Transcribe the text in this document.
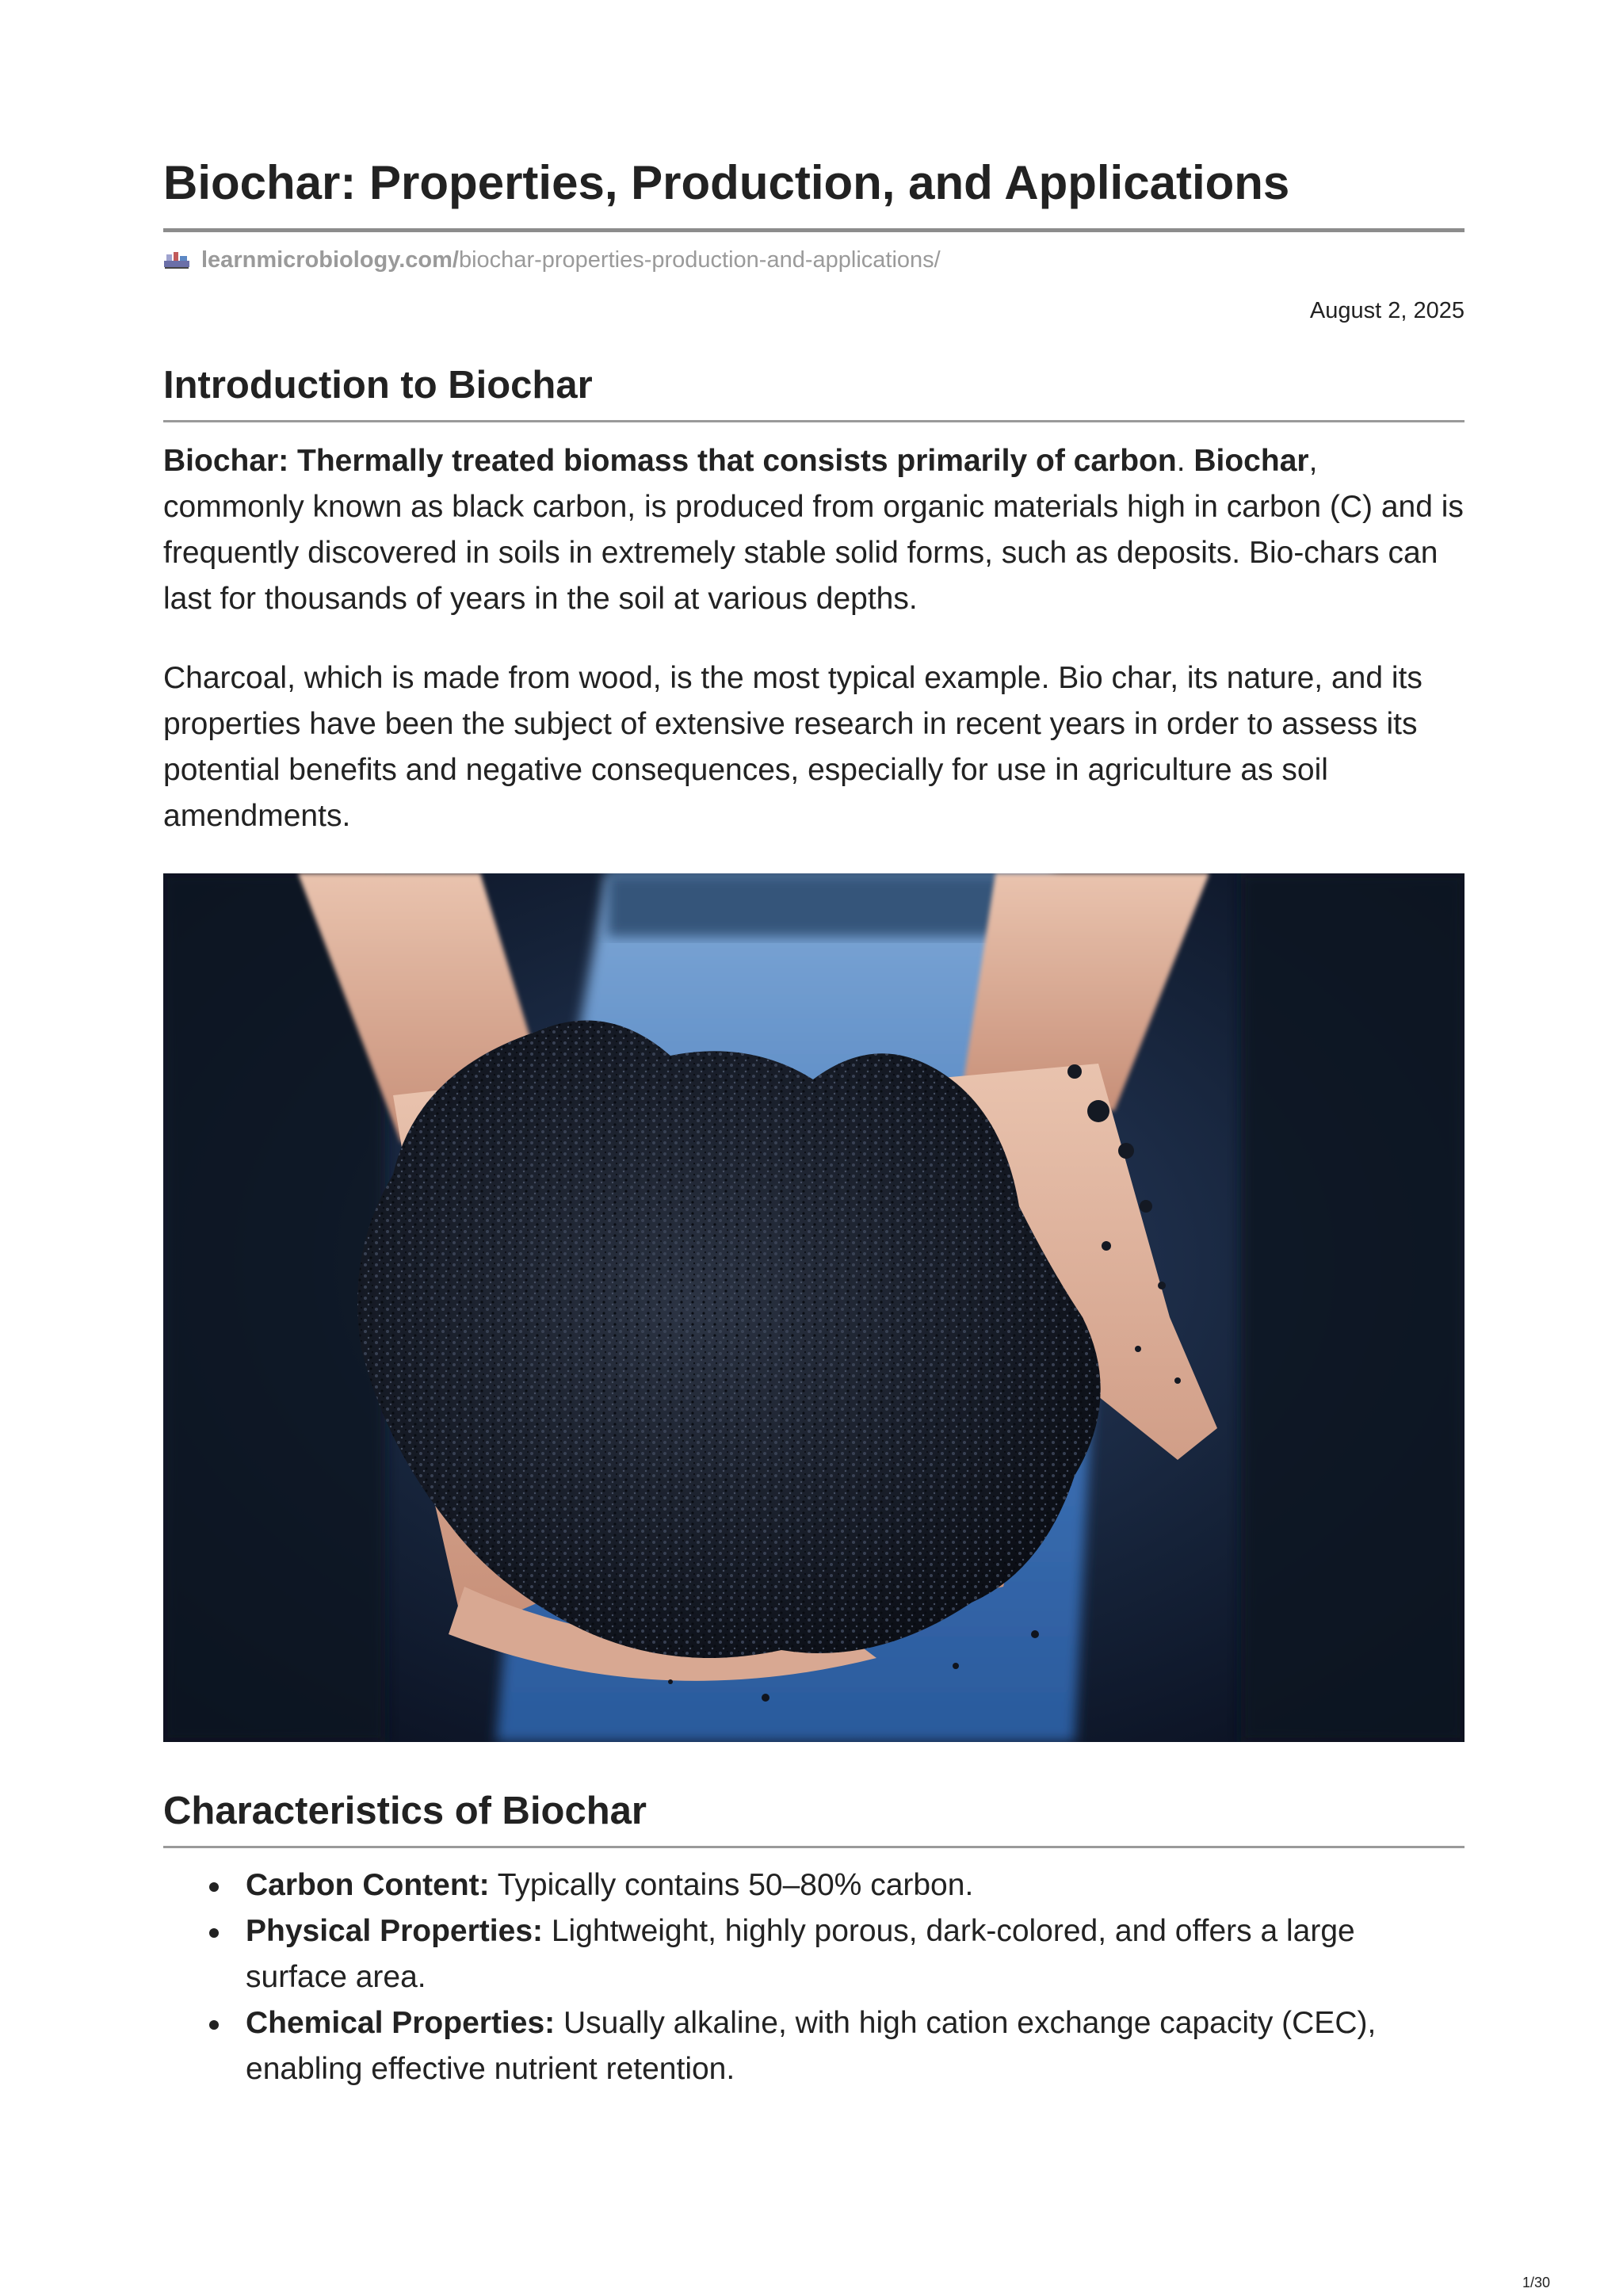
Biochar: Properties, Production, and Applications
learnmicrobiology.com/ biochar-properties-production-and-applications/
August 2, 2025
Introduction to Biochar

Biochar: Thermally treated biomass that consists primarily of carbon. Biochar, commonly known as black carbon, is produced from organic materials high in carbon (C) and is frequently discovered in soils in extremely stable solid forms, such as deposits. Bio-chars can last for thousands of years in the soil at various depths.

Charcoal, which is made from wood, is the most typical example. Bio char, its nature, and its properties have been the subject of extensive research in recent years in order to assess its potential benefits and negative consequences, especially for use in agriculture as soil amendments.

Characteristics of Biochar
Carbon Content: Typically contains 50–80% carbon.
Physical Properties: Lightweight, highly porous, dark-colored, and offers a large surface area.
Chemical Properties: Usually alkaline, with high cation exchange capacity (CEC), enabling effective nutrient retention.
1/30
